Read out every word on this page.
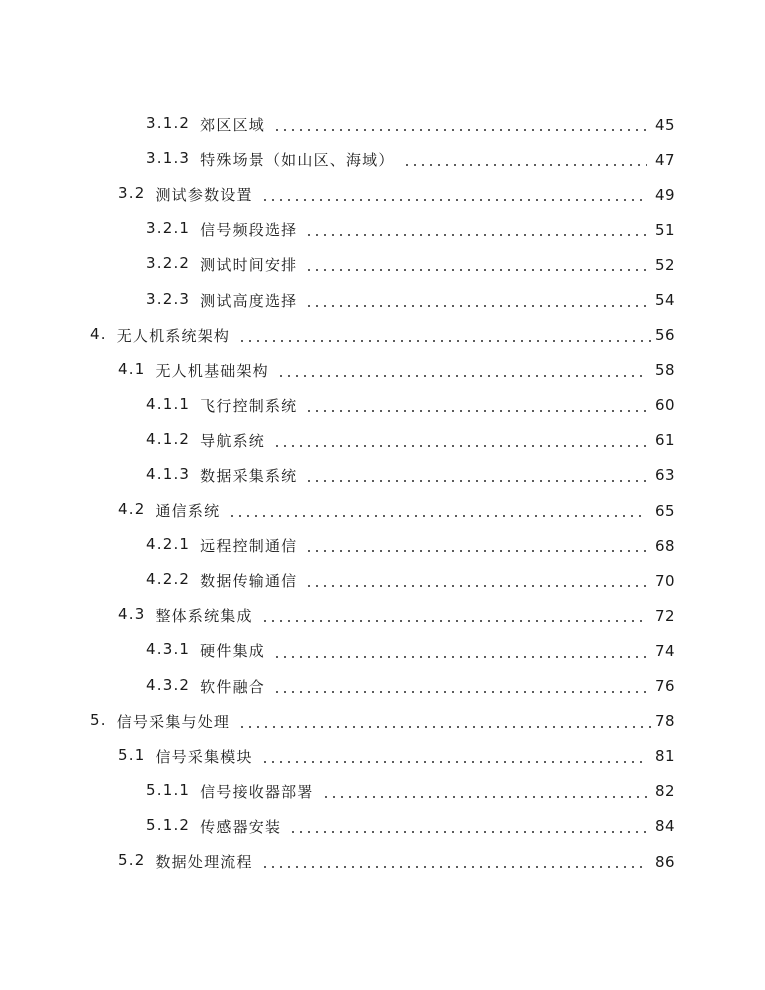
3.1.2 郊区区域	45
3.1.3 特殊场景（如山区、海域）	47
3.2 测试参数设置	49
3.2.1 信号频段选择	51
3.2.2 测试时间安排	52
3.2.3 测试高度选择	54
4. 无人机系统架构	56
4.1 无人机基础架构	58
4.1.1 飞行控制系统	60
4.1.2 导航系统	61
4.1.3 数据采集系统	63
4.2 通信系统	65
4.2.1 远程控制通信	68
4.2.2 数据传输通信	70
4.3 整体系统集成	72
4.3.1 硬件集成	74
4.3.2 软件融合	76
5. 信号采集与处理	78
5.1 信号采集模块	81
5.1.1 信号接收器部署	82
5.1.2 传感器安装	84
5.2 数据处理流程	86
